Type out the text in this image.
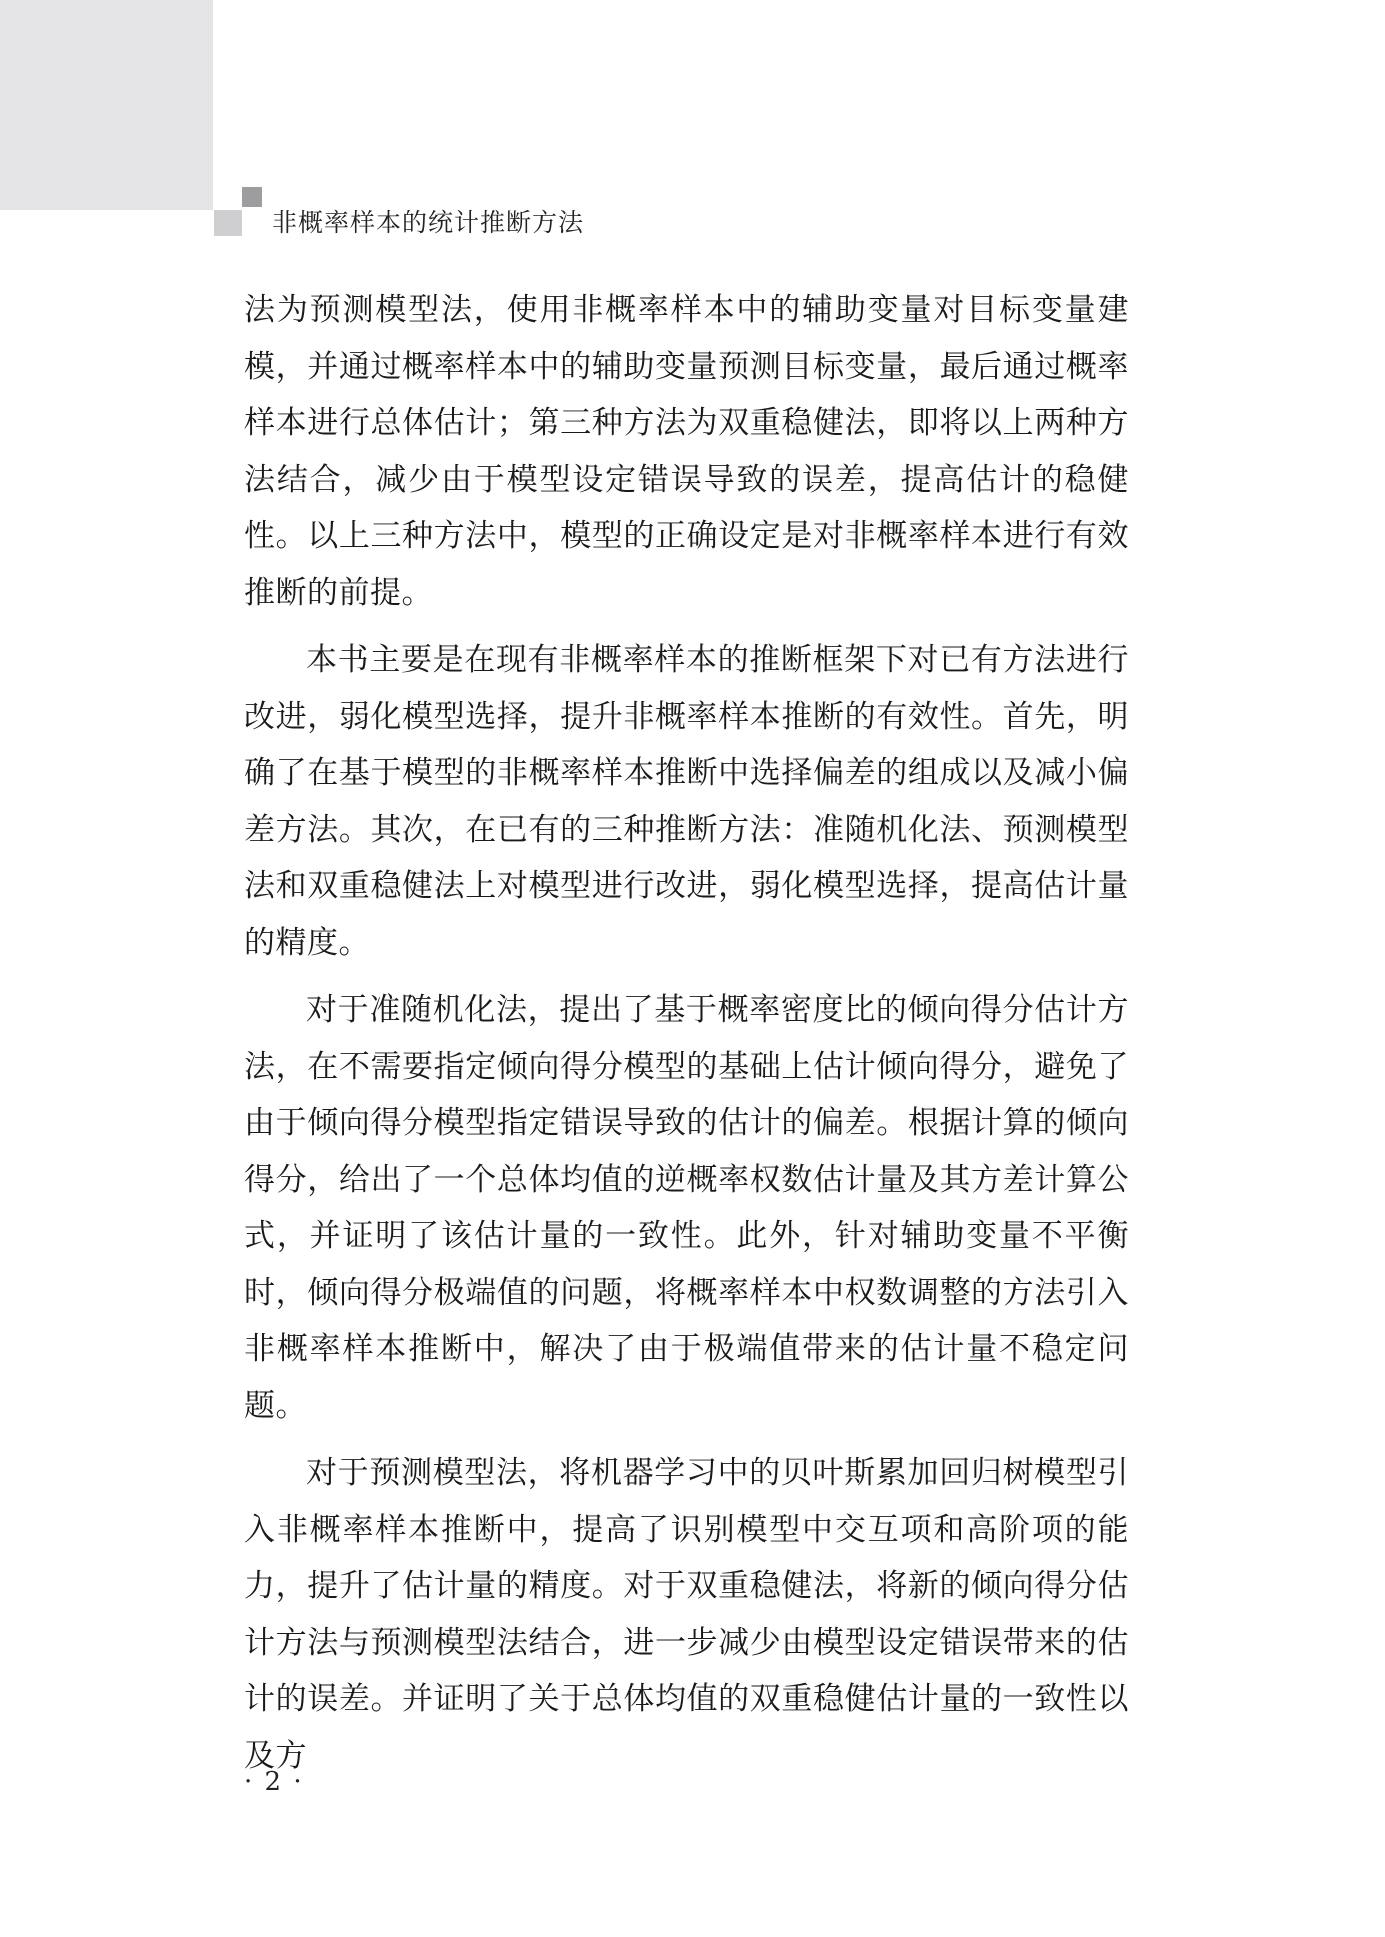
非概率样本的统计推断方法

法为预测模型法，使用非概率样本中的辅助变量对目标变量建模，并通过概率样本中的辅助变量预测目标变量，最后通过概率样本进行总体估计；第三种方法为双重稳健法，即将以上两种方法结合，减少由于模型设定错误导致的误差，提高估计的稳健性。以上三种方法中，模型的正确设定是对非概率样本进行有效推断的前提。

本书主要是在现有非概率样本的推断框架下对已有方法进行改进，弱化模型选择，提升非概率样本推断的有效性。首先，明确了在基于模型的非概率样本推断中选择偏差的组成以及减小偏差方法。其次，在已有的三种推断方法：准随机化法、预测模型法和双重稳健法上对模型进行改进，弱化模型选择，提高估计量的精度。

对于准随机化法，提出了基于概率密度比的倾向得分估计方法，在不需要指定倾向得分模型的基础上估计倾向得分，避免了由于倾向得分模型指定错误导致的估计的偏差。根据计算的倾向得分，给出了一个总体均值的逆概率权数估计量及其方差计算公式，并证明了该估计量的一致性。此外，针对辅助变量不平衡时，倾向得分极端值的问题，将概率样本中权数调整的方法引入非概率样本推断中，解决了由于极端值带来的估计量不稳定问题。

对于预测模型法，将机器学习中的贝叶斯累加回归树模型引入非概率样本推断中，提高了识别模型中交互项和高阶项的能力，提升了估计量的精度。对于双重稳健法，将新的倾向得分估计方法与预测模型法结合，进一步减少由模型设定错误带来的估计的误差。并证明了关于总体均值的双重稳健估计量的一致性以及方

· 2 ·
